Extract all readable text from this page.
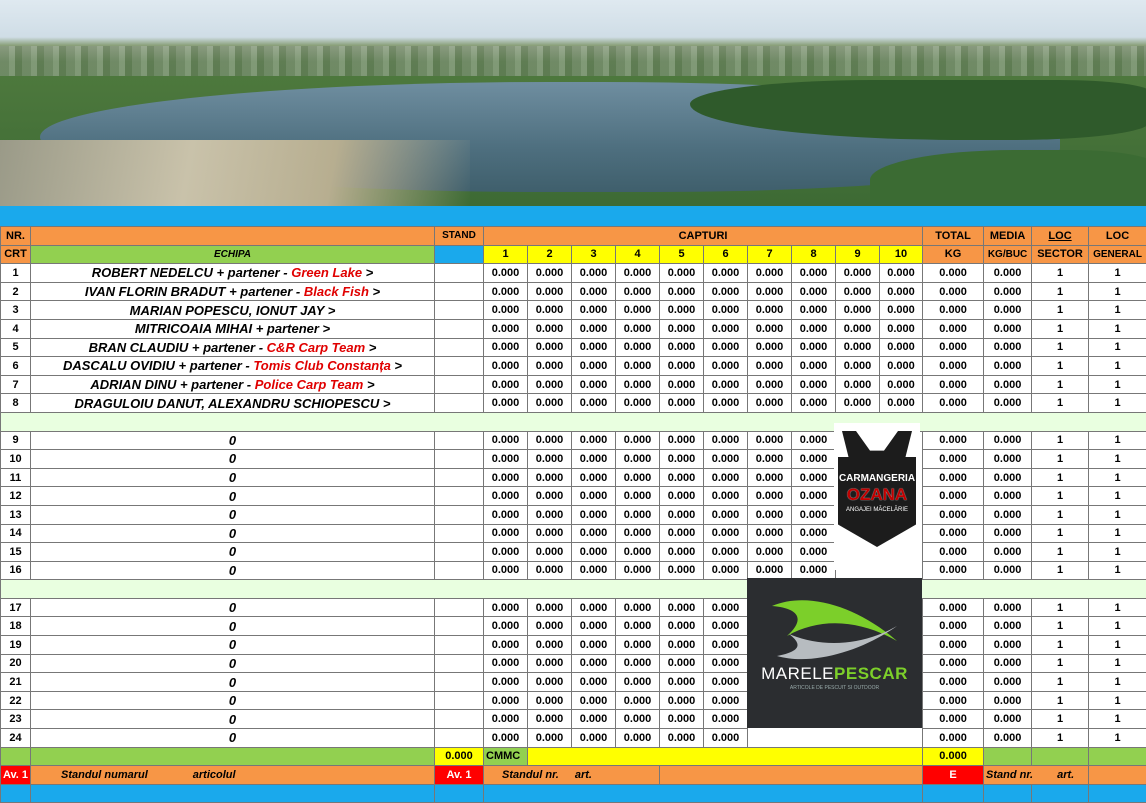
NR.		STAND	CAPTURI										TOTAL	MEDIA	LOC	LOC
CRT	ECHIPA		1	2	3	4	5	6	7	8	9	10	KG	KG/BUC	SECTOR	GENERAL
1	ROBERT NEDELCU + partener - Green Lake >		0.000	0.000	0.000	0.000	0.000	0.000	0.000	0.000	0.000	0.000	0.000	0.000	1	1
2	IVAN FLORIN BRADUT + partener - Black Fish >		0.000	0.000	0.000	0.000	0.000	0.000	0.000	0.000	0.000	0.000	0.000	0.000	1	1
3	MARIAN POPESCU, IONUT JAY >		0.000	0.000	0.000	0.000	0.000	0.000	0.000	0.000	0.000	0.000	0.000	0.000	1	1
4	MITRICOAIA MIHAI + partener >		0.000	0.000	0.000	0.000	0.000	0.000	0.000	0.000	0.000	0.000	0.000	0.000	1	1
5	BRAN CLAUDIU + partener - C&R Carp Team >		0.000	0.000	0.000	0.000	0.000	0.000	0.000	0.000	0.000	0.000	0.000	0.000	1	1
6	DASCALU OVIDIU + partener - Tomis Club Constanța >		0.000	0.000	0.000	0.000	0.000	0.000	0.000	0.000	0.000	0.000	0.000	0.000	1	1
7	ADRIAN DINU + partener - Police Carp Team >		0.000	0.000	0.000	0.000	0.000	0.000	0.000	0.000	0.000	0.000	0.000	0.000	1	1
8	DRAGULOIU DANUT, ALEXANDRU SCHIOPESCU >		0.000	0.000	0.000	0.000	0.000	0.000	0.000	0.000	0.000	0.000	0.000	0.000	1	1

9	0		0.000	0.000	0.000	0.000	0.000	0.000	0.000	0.000			0.000	0.000	1	1
10	0		0.000	0.000	0.000	0.000	0.000	0.000	0.000	0.000			0.000	0.000	1	1
11	0		0.000	0.000	0.000	0.000	0.000	0.000	0.000	0.000			0.000	0.000	1	1
12	0		0.000	0.000	0.000	0.000	0.000	0.000	0.000	0.000			0.000	0.000	1	1
13	0		0.000	0.000	0.000	0.000	0.000	0.000	0.000	0.000			0.000	0.000	1	1
14	0		0.000	0.000	0.000	0.000	0.000	0.000	0.000	0.000			0.000	0.000	1	1
15	0		0.000	0.000	0.000	0.000	0.000	0.000	0.000	0.000			0.000	0.000	1	1
16	0		0.000	0.000	0.000	0.000	0.000	0.000	0.000	0.000			0.000	0.000	1	1

17	0		0.000	0.000	0.000	0.000	0.000	0.000					0.000	0.000	1	1
18	0		0.000	0.000	0.000	0.000	0.000	0.000					0.000	0.000	1	1
19	0		0.000	0.000	0.000	0.000	0.000	0.000					0.000	0.000	1	1
20	0		0.000	0.000	0.000	0.000	0.000	0.000					0.000	0.000	1	1
21	0		0.000	0.000	0.000	0.000	0.000	0.000					0.000	0.000	1	1
22	0		0.000	0.000	0.000	0.000	0.000	0.000					0.000	0.000	1	1
23	0		0.000	0.000	0.000	0.000	0.000	0.000					0.000	0.000	1	1
24	0		0.000	0.000	0.000	0.000	0.000	0.000					0.000	0.000	1	1
		0.000	CMMC										0.000			
Av. 1	Standul numarul articolul	Av. 1	Standul nr. art.										E	Stand nr. art.		

CARMANGERIA
OZANA
ANGAJEI MĂCELĂRIE
MARELEPESCAR
ARTICOLE DE PESCUIT SI OUTDOOR
